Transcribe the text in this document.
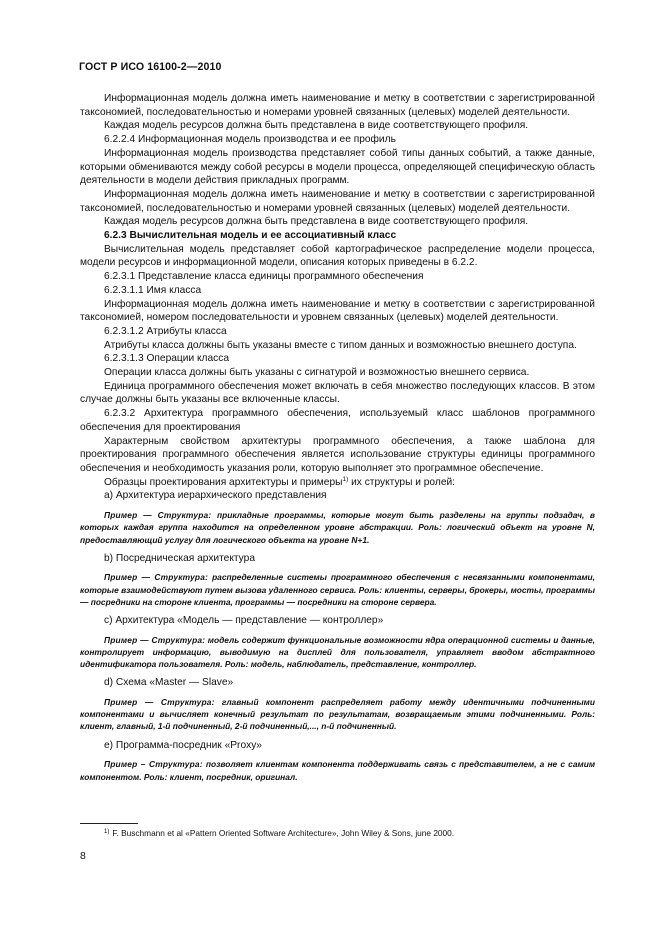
ГОСТ Р ИСО 16100-2—2010

Информационная модель должна иметь наименование и метку в соответствии с зарегистрированной таксономией, последовательностью и номерами уровней связанных (целевых) моделей деятельности.

Каждая модель ресурсов должна быть представлена в виде соответствующего профиля.

6.2.2.4 Информационная модель производства и ее профиль

Информационная модель производства представляет собой типы данных событий, а также данные, которыми обмениваются между собой ресурсы в модели процесса, определяющей специфическую область деятельности в модели действия прикладных программ.

Информационная модель должна иметь наименование и метку в соответствии с зарегистрированной таксономией, последовательностью и номерами уровней связанных (целевых) моделей деятельности.

Каждая модель ресурсов должна быть представлена в виде соответствующего профиля.

6.2.3 Вычислительная модель и ее ассоциативный класс

Вычислительная модель представляет собой картографическое распределение модели процесса, модели ресурсов и информационной модели, описания которых приведены в 6.2.2.

6.2.3.1 Представление класса единицы программного обеспечения

6.2.3.1.1 Имя класса

Информационная модель должна иметь наименование и метку в соответствии с зарегистрированной таксономией, номером последовательности и уровнем связанных (целевых) моделей деятельности.

6.2.3.1.2 Атрибуты класса

Атрибуты класса должны быть указаны вместе с типом данных и возможностью внешнего доступа.

6.2.3.1.3 Операции класса

Операции класса должны быть указаны с сигнатурой и возможностью внешнего сервиса.

Единица программного обеспечения может включать в себя множество последующих классов. В этом случае должны быть указаны все включенные классы.

6.2.3.2 Архитектура программного обеспечения, используемый класс шаблонов программного обеспечения для проектирования

Характерным свойством архитектуры программного обеспечения, а также шаблона для проектирования программного обеспечения является использование структуры единицы программного обеспечения и необходимость указания роли, которую выполняет это программное обеспечение.

Образцы проектирования архитектуры и примеры$^{1)}$ их структуры и ролей:

a) Архитектура иерархического представления

Пример — Структура: прикладные программы, которые могут быть разделены на группы подзадач, в которых каждая группа находится на определенном уровне абстракции. Роль: логический объект на уровне N, предоставляющий услугу для логического объекта на уровне N+1.

b) Посредническая архитектура

Пример — Структура: распределенные системы программного обеспечения с несвязанными компонентами, которые взаимодействуют путем вызова удаленного сервиса. Роль: клиенты, серверы, брокеры, мосты, программы — посредники на стороне клиента, программы — посредники на стороне сервера.

c) Архитектура «Модель — представление — контроллер»

Пример — Структура: модель содержит функциональные возможности ядра операционной системы и данные, контролирует информацию, выводимую на дисплей для пользователя, управляет вводом абстрактного идентификатора пользователя. Роль: модель, наблюдатель, представление, контроллер.

d) Схема «Master — Slave»

Пример — Структура: главный компонент распределяет работу между идентичными подчиненными компонентами и вычисляет конечный результат по результатам, возвращаемым этими подчиненными. Роль: клиент, главный, 1-й подчиненный, 2-й подчиненный,..., n-й подчиненный.

e) Программа-посредник «Proxy»

Пример – Структура: позволяет клиентам компонента поддерживать связь с представителем, а не с самим компонентом. Роль: клиент, посредник, оригинал.

$^{1)}$ F. Buschmann et al «Pattern Oriented Software Architecture», John Wiley & Sons, june 2000.
8
